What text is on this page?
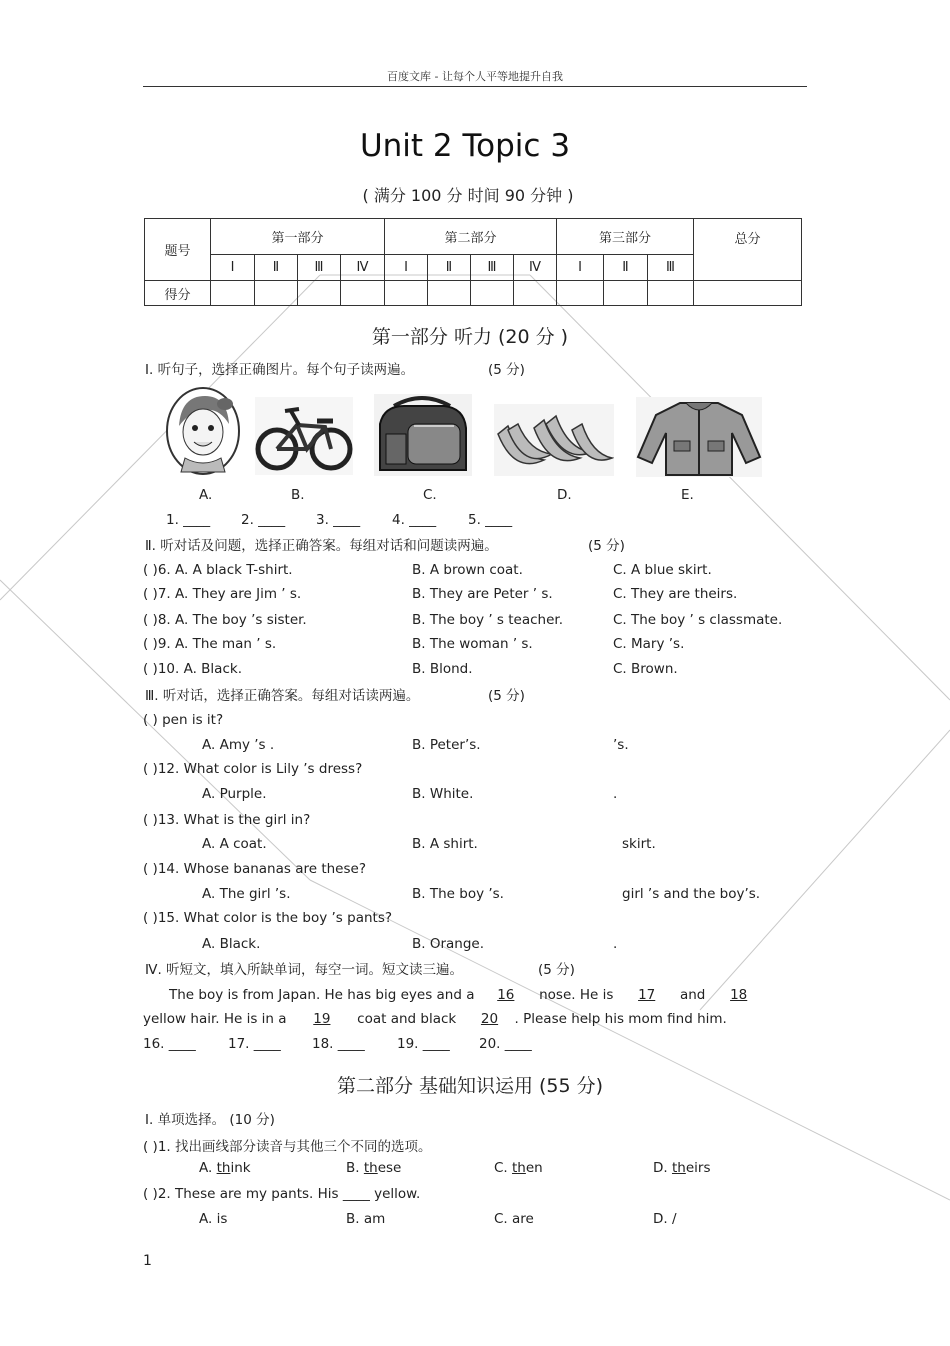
百度文库 - 让每个人平等地提升自我
Unit 2 Topic 3
( 满分 100 分 时间 90 分钟 )
题号	第一部分				第二部分				第三部分			总分
	Ⅰ	Ⅱ	Ⅲ	Ⅳ	Ⅰ	Ⅱ	Ⅲ	Ⅳ	Ⅰ	Ⅱ	Ⅲ	
得分												
第一部分 听力 (20 分 )
Ⅰ. 听句子，选择正确图片。每个句子读两遍。	(5 分)
A.	B.	C.	D.	E.
1. ____ 2. ____ 3. ____ 4. ____ 5. ____
Ⅱ. 听对话及问题，选择正确答案。每组对话和问题读两遍。	(5 分)
( )6. A. A black T-shirt.	B. A brown coat.	C. A blue skirt.
( )7. A. They are Jim ’ s.	B. They are Peter ’ s.	C. They are theirs.
( )8. A. The boy ’s sister.	B. The boy ’ s teacher.	C. The boy ’ s classmate.
( )9. A. The man ’ s.	B. The woman ’ s.	C. Mary ’s.
( )10. A. Black.	B. Blond.	C. Brown.
Ⅲ. 听对话，选择正确答案。每组对话读两遍。	(5 分)
( ) pen is it?
A. Amy ’s .	B. Peter’s.	’s.
( )12. What color is Lily ’s dress?
A. Purple.	B. White.	.
( )13. What is the girl in?
A. A coat.	B. A shirt.	skirt.
( )14. Whose bananas are these?
A. The girl ’s.	B. The boy ’s.	girl ’s and the boy’s.
( )15. What color is the boy ’s pants?
A. Black.	B. Orange.	.
Ⅳ. 听短文，填入所缺单词，每空一词。短文读三遍。	(5 分)
The boy is from Japan. He has big eyes and a 16 nose. He is 17 and 18
yellow hair. He is in a 19 coat and black 20 . Please help his mom find him.
16. ____ 17. ____ 18. ____ 19. ____ 20. ____
第二部分 基础知识运用 (55 分)
Ⅰ. 单项选择。 (10 分)
( )1. 找出画线部分读音与其他三个不同的选项。
A. think	B. these	C. then	D. theirs
( )2. These are my pants. His ____ yellow.
A. is	B. am	C. are	D. /
1
